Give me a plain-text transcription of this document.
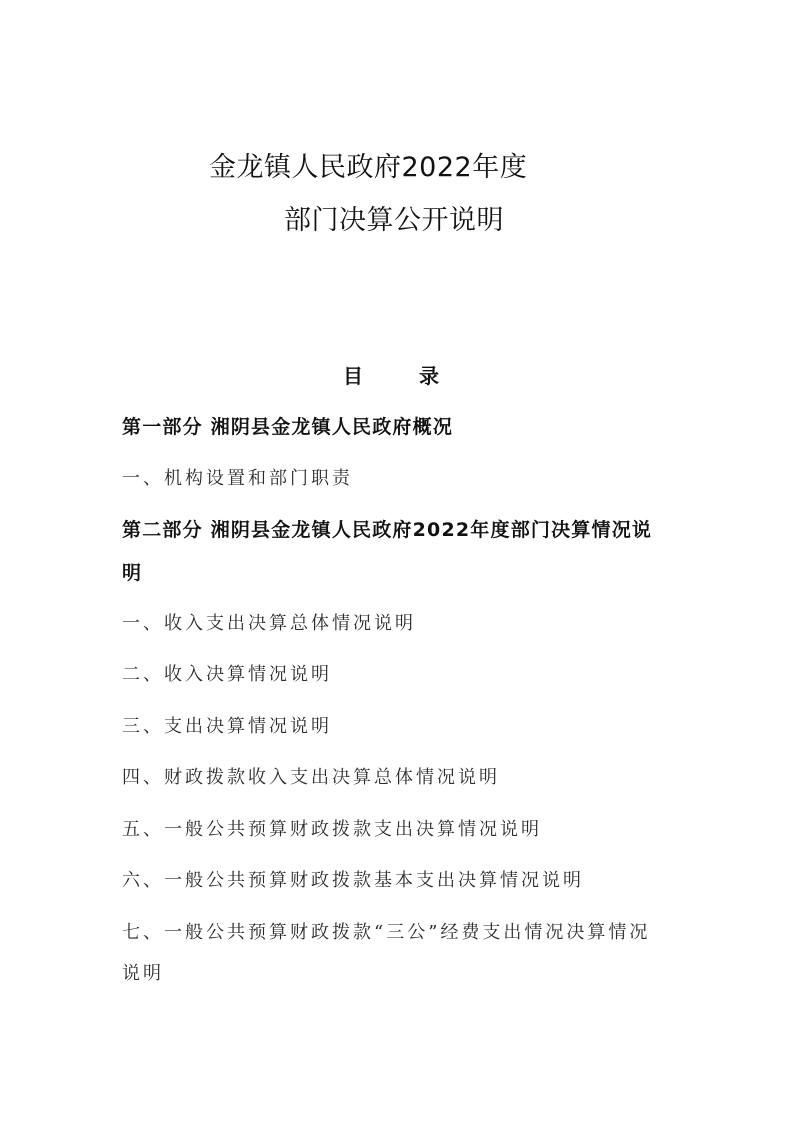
金龙镇人民政府2022年度
部门决算公开说明
目	录
第一部分 湘阴县金龙镇人民政府概况
一、机构设置和部门职责
第二部分 湘阴县金龙镇人民政府2022年度部门决算情况说
明
一、收入支出决算总体情况说明
二、收入决算情况说明
三、支出决算情况说明
四、财政拨款收入支出决算总体情况说明
五、一般公共预算财政拨款支出决算情况说明
六、一般公共预算财政拨款基本支出决算情况说明
七、一般公共预算财政拨款“三公”经费支出情况决算情况
说明
